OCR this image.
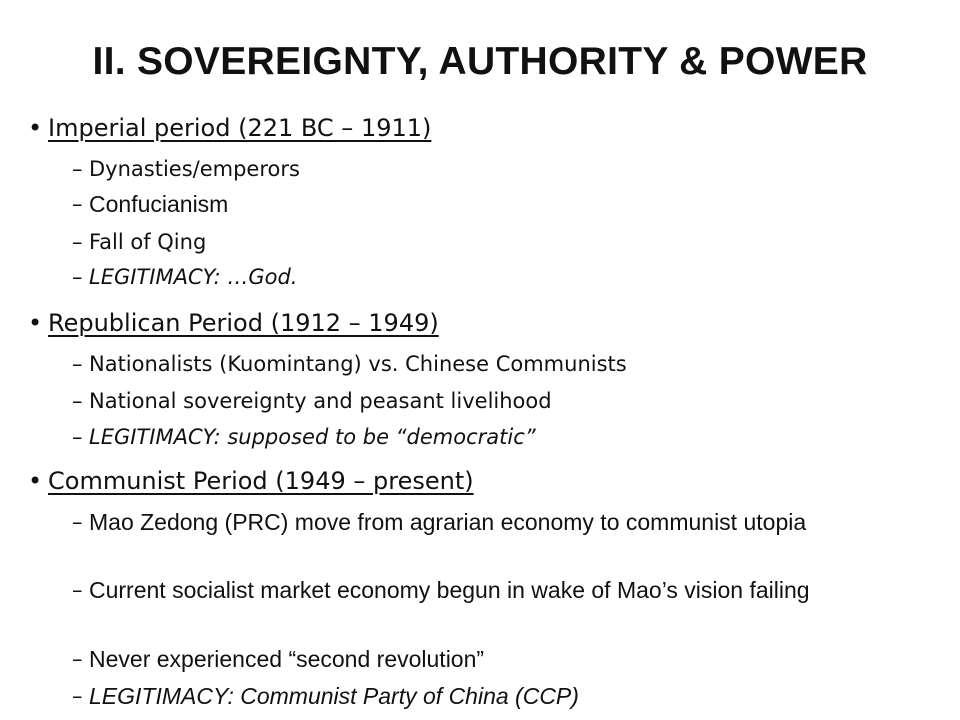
II. SOVEREIGNTY, AUTHORITY & POWER
• Imperial period (221 BC – 1911)
– Dynasties/emperors
– Confucianism
– Fall of Qing
– LEGITIMACY: …God.
• Republican Period (1912 – 1949)
– Nationalists (Kuomintang) vs. Chinese Communists
– National sovereignty and peasant livelihood
– LEGITIMACY: supposed to be “democratic”
• Communist Period (1949 – present)
– Mao Zedong (PRC) move from agrarian economy to communist utopia
– Current socialist market economy begun in wake of Mao’s vision failing
– Never experienced “second revolution”
– LEGITIMACY: Communist Party of China (CCP)
